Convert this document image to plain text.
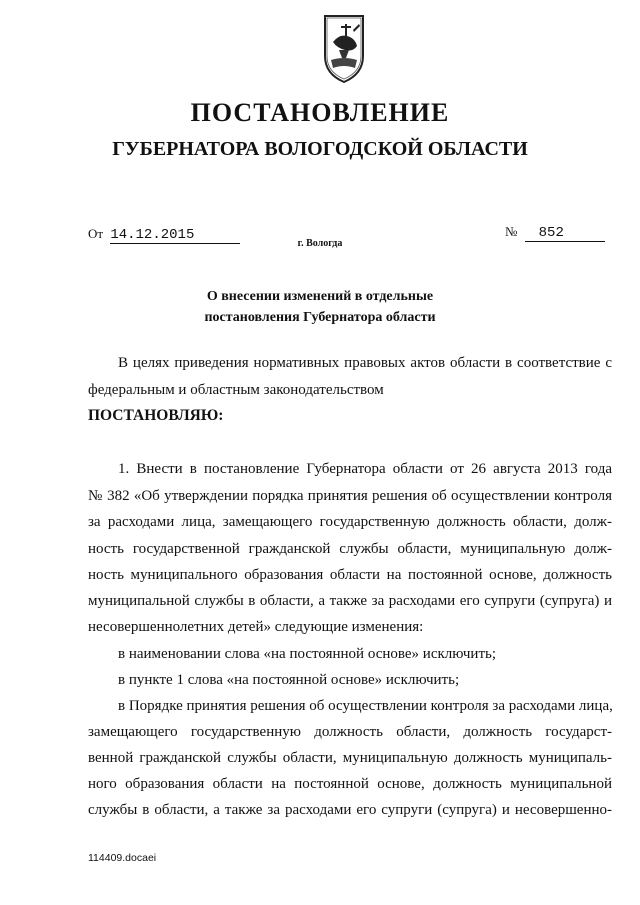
ПОСТАНОВЛЕНИЕ
ГУБЕРНАТОРА ВОЛОГОДСКОЙ ОБЛАСТИ
От 14.12.2015	№ 852
г. Вологда
О внесении изменений в отдельные
постановления Губернатора области
В целях приведения нормативных правовых актов области в соответствие с
федеральным и областным законодательством
ПОСТАНОВЛЯЮ:
1. Внести в постановление Губернатора области от 26 августа 2013 года
№ 382 «Об утверждении порядка принятия решения об осуществлении контроля
за расходами лица, замещающего государственную должность области, долж-
ность государственной гражданской службы области, муниципальную долж-
ность муниципального образования области на постоянной основе, должность
муниципальной службы в области, а также за расходами его супруги (супруга) и
несовершеннолетних детей» следующие изменения:
в наименовании слова «на постоянной основе» исключить;
в пункте 1 слова «на постоянной основе» исключить;
в Порядке принятия решения об осуществлении контроля за расходами лица,
замещающего государственную должность области, должность государст-
венной гражданской службы области, муниципальную должность муниципаль-
ного образования области на постоянной основе, должность муниципальной
службы в области, а также за расходами его супруги (супруга) и несовершенно-
114409.docaei
